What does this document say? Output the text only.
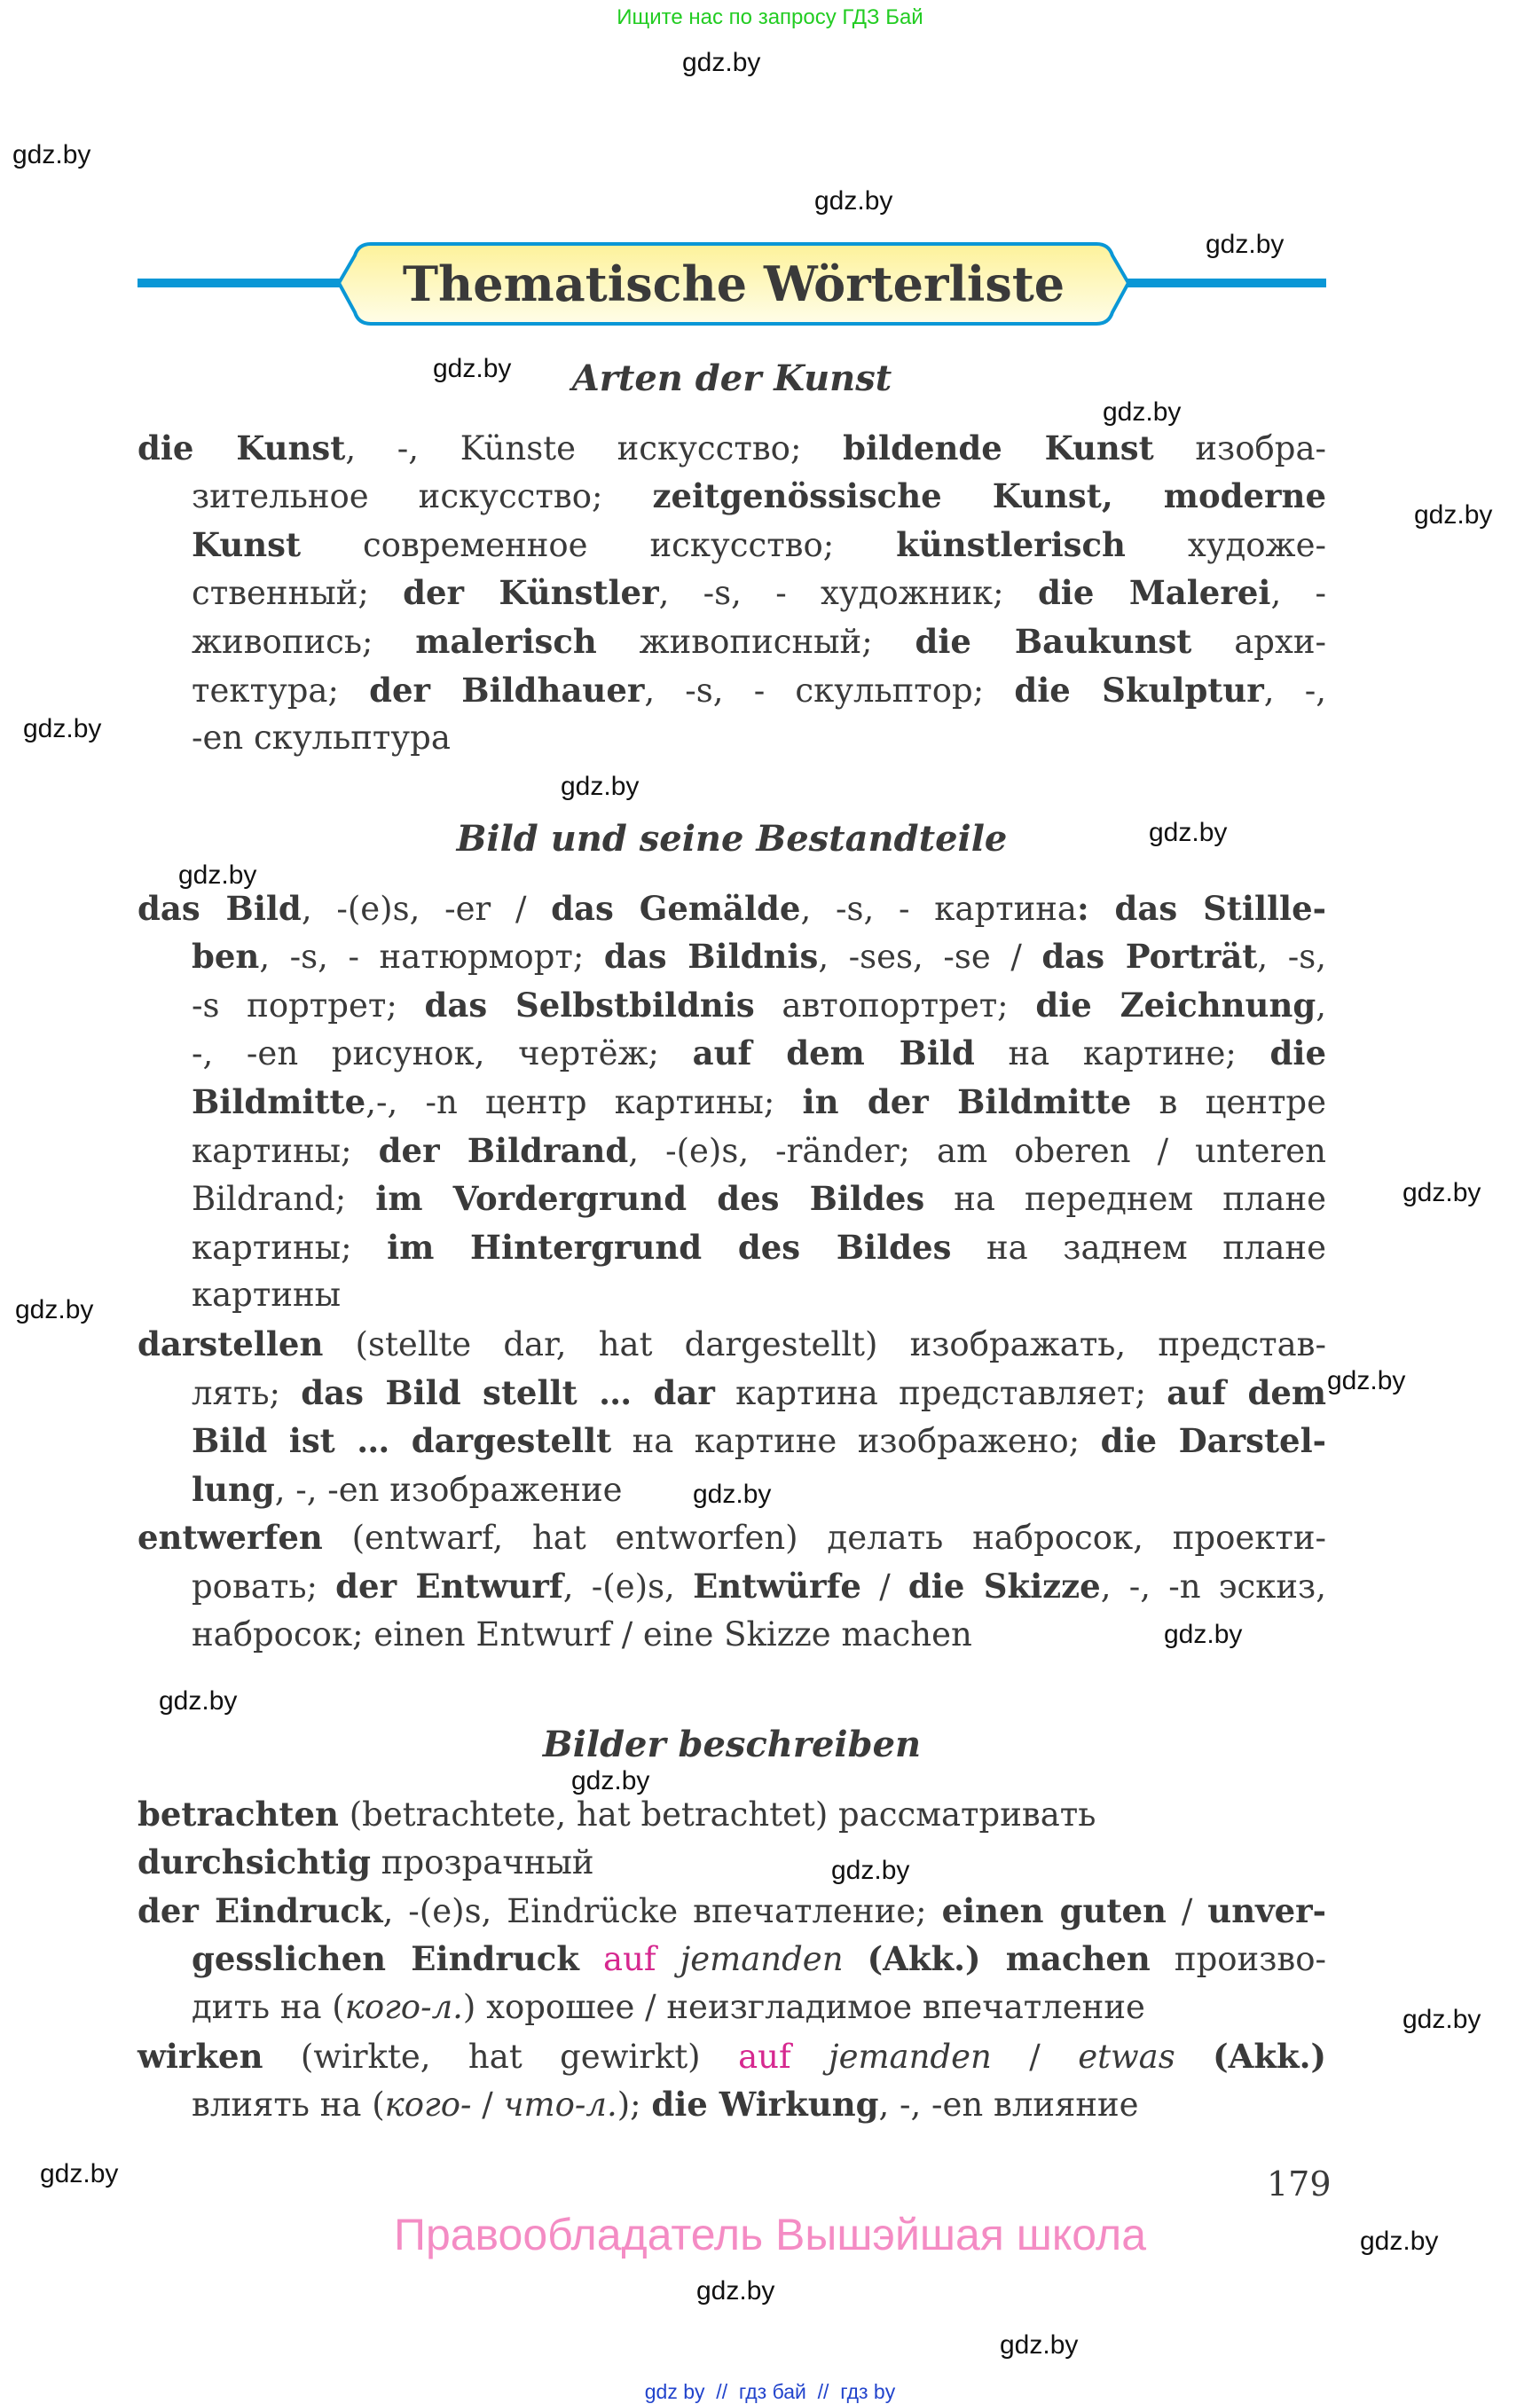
Ищите нас по запросу ГДЗ Бай
Thematische Wörterliste
Arten der Kunst
die Kunst, -, Künste искусство; bildende Kunst изобра-
зительное искусство; zeitgenössische Kunst, moderne
Kunst современное искусство; künstlerisch художе-
ственный; der Künstler, -s, - художник; die Malerei, -
живопись; malerisch живописный; die Baukunst архи-
тектура; der Bildhauer, -s, - скульптор; die Skulptur, -,
-en скульптура
Bild und seine Bestandteile
das Bild, -(e)s, -er / das Gemälde, -s, - картина: das Stillle-
ben, -s, - натюрморт; das Bildnis, -ses, -se / das Porträt, -s,
-s портрет; das Selbstbildnis автопортрет; die Zeichnung,
-, -en рисунок, чертёж; auf dem Bild на картине; die
Bildmitte,-, -n центр картины; in der Bildmitte в центре
картины; der Bildrand, -(e)s, -ränder; am oberen / unteren
Bildrand; im Vordergrund des Bildes на переднем плане
картины; im Hintergrund des Bildes на заднем плане
картины
darstellen (stellte dar, hat dargestellt) изображать, представ-
лять; das Bild stellt … dar картина представляет; auf dem
Bild ist … dargestellt на картине изображено; die Darstel-
lung, -, -en изображение
entwerfen (entwarf, hat entworfen) делать набросок, проекти-
ровать; der Entwurf, -(e)s, Entwürfe / die Skizze, -, -n эскиз,
набросок; einen Entwurf / eine Skizze machen
Bilder beschreiben
betrachten (betrachtete, hat betrachtet) рассматривать
durchsichtig прозрачный
der Eindruck, -(e)s, Eindrücke впечатление; einen guten / unver-
gesslichen Eindruck auf jemanden (Akk.) machen произво-
дить на (кого-л.) хорошее / неизгладимое впечатление
wirken (wirkte, hat gewirkt) auf jemanden / etwas (Akk.)
влиять на (кого- / что-л.); die Wirkung, -, -en влияние
179
Правообладатель Вышэйшая школа
gdz by  //  гдз бай  //  гдз by
gdz.by
gdz.by
gdz.by
gdz.by
gdz.by
gdz.by
gdz.by
gdz.by
gdz.by
gdz.by
gdz.by
gdz.by
gdz.by
gdz.by
gdz.by
gdz.by
gdz.by
gdz.by
gdz.by
gdz.by
gdz.by
gdz.by
gdz.by
gdz.by
